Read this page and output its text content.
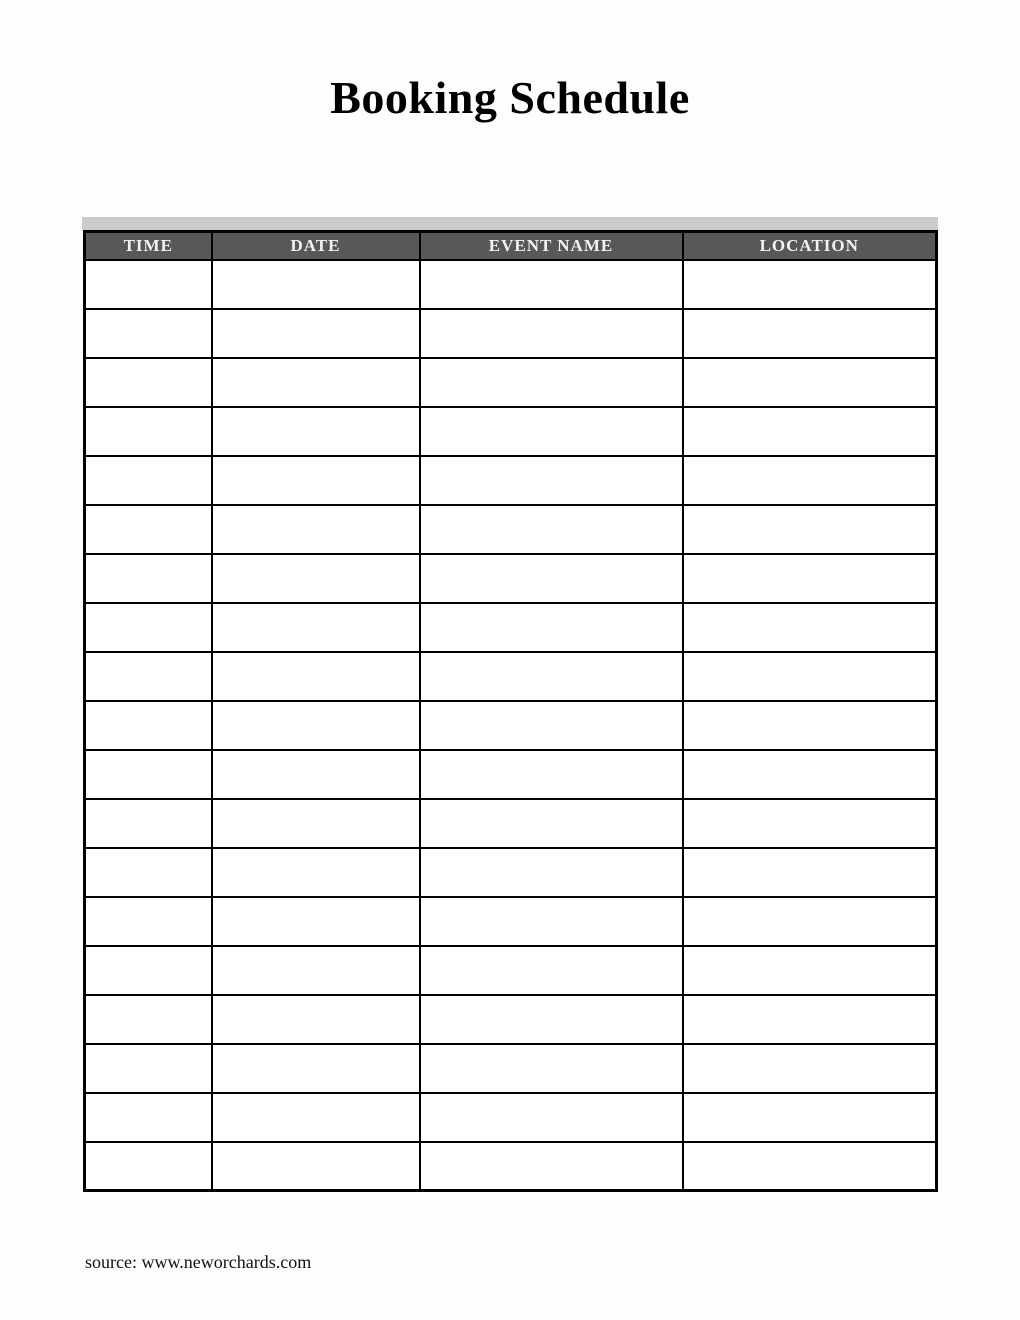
Booking Schedule
TIME	DATE	EVENT NAME	LOCATION

source: www.neworchards.com
